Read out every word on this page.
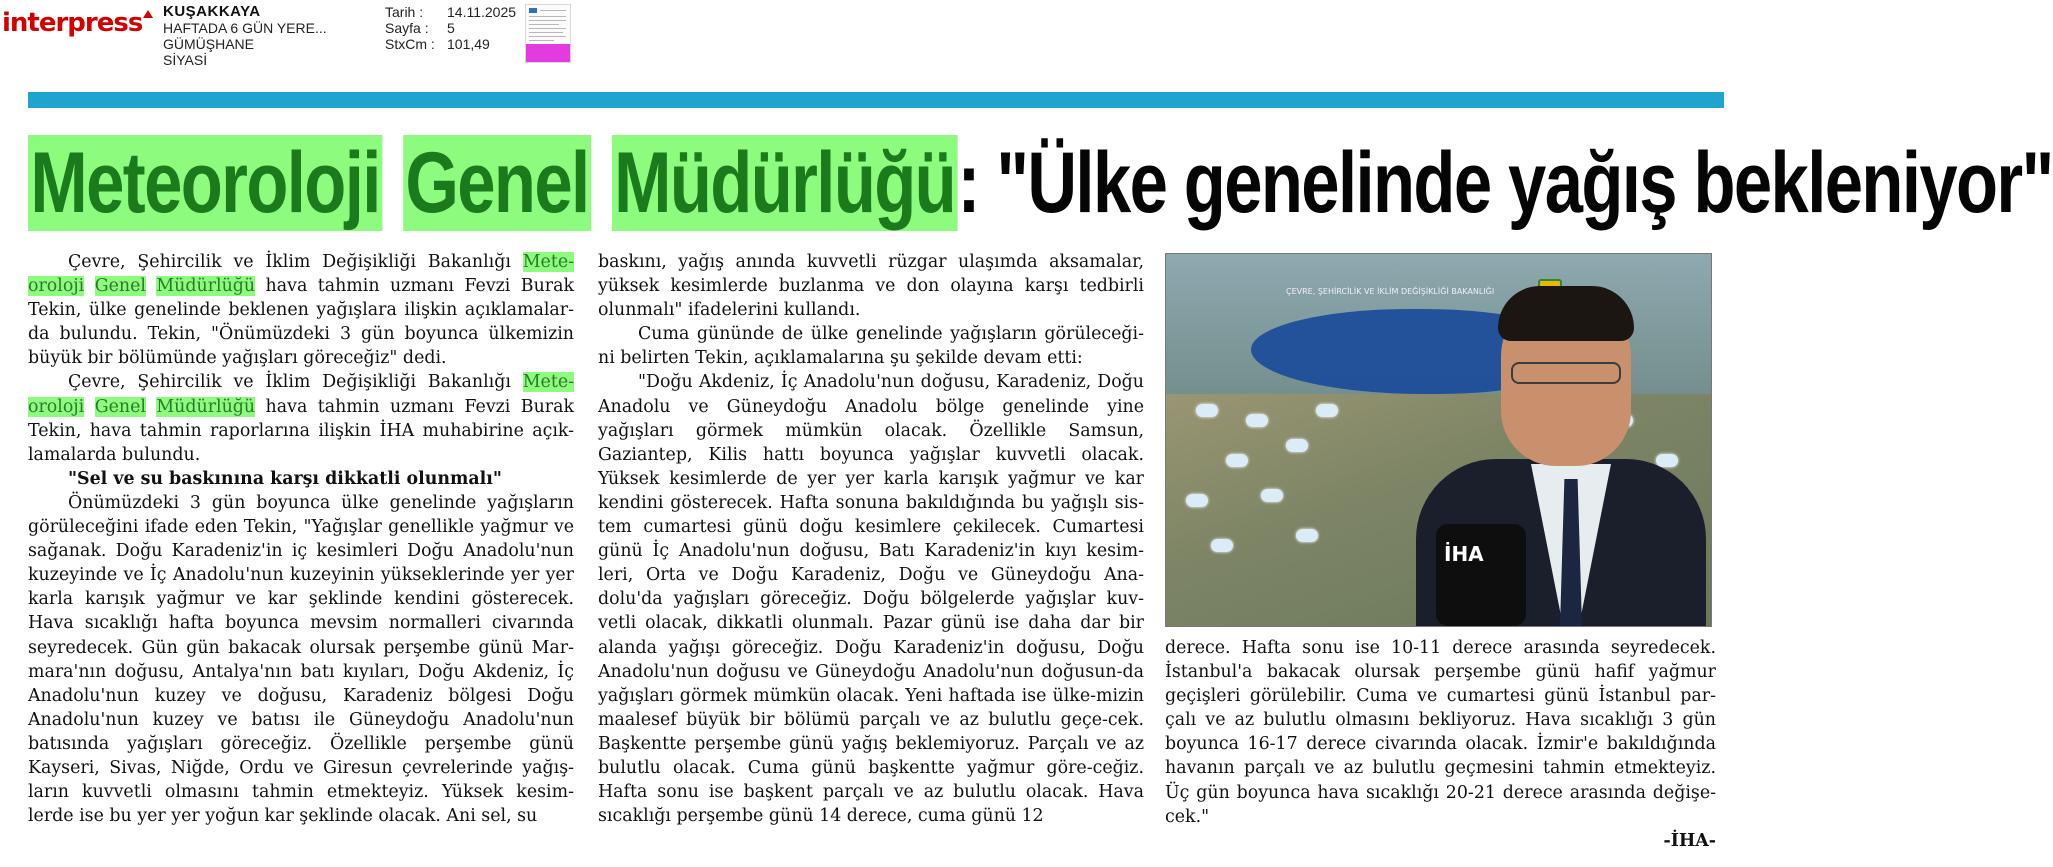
interpress	KUŞAKKAYA
HAFTADA 6 GÜN YERE...
GÜMÜŞHANE
SİYASİ
Tarih :	14.11.2025
Sayfa :	5
StxCm : 101,49
Meteoroloji Genel Müdürlüğü: "Ülke genelinde yağış bekleniyor"

Çevre, Şehircilik ve İklim Değişikliği Bakanlığı Mete- oroloji Genel Müdürlüğü hava tahmin uzmanı Fevzi Burak Tekin, ülke genelinde beklenen yağışlara ilişkin açıklamalar-da bulundu. Tekin, "Önümüzdeki 3 gün boyunca ülkemizin büyük bir bölümünde yağışları göreceğiz" dedi.

Çevre, Şehircilik ve İklim Değişikliği Bakanlığı Mete- oroloji Genel Müdürlüğü hava tahmin uzmanı Fevzi Burak Tekin, hava tahmin raporlarına ilişkin İHA muhabirine açık-lamalarda bulundu.

"Sel ve su baskınına karşı dikkatli olunmalı"

Önümüzdeki 3 gün boyunca ülke genelinde yağışların görüleceğini ifade eden Tekin, "Yağışlar genellikle yağmur ve sağanak. Doğu Karadeniz'in iç kesimleri Doğu Anadolu'nun kuzeyinde ve İç Anadolu'nun kuzeyinin yükseklerinde yer yer karla karışık yağmur ve kar şeklinde kendini gösterecek. Hava sıcaklığı hafta boyunca mevsim normalleri civarında seyredecek. Gün gün bakacak olursak perşembe günü Mar-mara'nın doğusu, Antalya'nın batı kıyıları, Doğu Akdeniz, İç Anadolu'nun kuzey ve doğusu, Karadeniz bölgesi Doğu Anadolu'nun kuzey ve batısı ile Güneydoğu Anadolu'nun batısında yağışları göreceğiz. Özellikle perşembe günü Kayseri, Sivas, Niğde, Ordu ve Giresun çevrelerinde yağış-ların kuvvetli olmasını tahmin etmekteyiz. Yüksek kesim-lerde ise bu yer yer yoğun kar şeklinde olacak. Ani sel, su

baskını, yağış anında kuvvetli rüzgar ulaşımda aksamalar, yüksek kesimlerde buzlanma ve don olayına karşı tedbirli olunmalı" ifadelerini kullandı.

Cuma gününde de ülke genelinde yağışların görüleceği-ni belirten Tekin, açıklamalarına şu şekilde devam etti:

"Doğu Akdeniz, İç Anadolu'nun doğusu, Karadeniz, Doğu Anadolu ve Güneydoğu Anadolu bölge genelinde yine yağışları görmek mümkün olacak. Özellikle Samsun, Gaziantep, Kilis hattı boyunca yağışlar kuvvetli olacak. Yüksek kesimlerde de yer yer karla karışık yağmur ve kar kendini gösterecek. Hafta sonuna bakıldığında bu yağışlı sis-tem cumartesi günü doğu kesimlere çekilecek. Cumartesi günü İç Anadolu'nun doğusu, Batı Karadeniz'in kıyı kesim-leri, Orta ve Doğu Karadeniz, Doğu ve Güneydoğu Ana-dolu'da yağışları göreceğiz. Doğu bölgelerde yağışlar kuv-vetli olacak, dikkatli olunmalı. Pazar günü ise daha dar bir alanda yağışı göreceğiz. Doğu Karadeniz'in doğusu, Doğu Anadolu'nun doğusu ve Güneydoğu Anadolu'nun doğusun-da yağışları görmek mümkün olacak. Yeni haftada ise ülke-mizin maalesef büyük bir bölümü parçalı ve az bulutlu geçe-cek. Başkentte perşembe günü yağış beklemiyoruz. Parçalı ve az bulutlu olacak. Cuma günü başkentte yağmur göre-ceğiz. Hafta sonu ise başkent parçalı ve az bulutlu olacak. Hava sıcaklığı perşembe günü 14 derece, cuma günü 12

ÇEVRE, ŞEHİRCİLİK VE İKLİM DEĞİŞİKLİĞİ BAKANLIĞI
İHA

derece. Hafta sonu ise 10-11 derece arasında seyredecek. İstanbul'a bakacak olursak perşembe günü hafif yağmur geçişleri görülebilir. Cuma ve cumartesi günü İstanbul par-çalı ve az bulutlu olmasını bekliyoruz. Hava sıcaklığı 3 gün boyunca 16-17 derece civarında olacak. İzmir'e bakıldığında havanın parçalı ve az bulutlu geçmesini tahmin etmekteyiz. Üç gün boyunca hava sıcaklığı 20-21 derece arasında değişe-cek."

-İHA-
